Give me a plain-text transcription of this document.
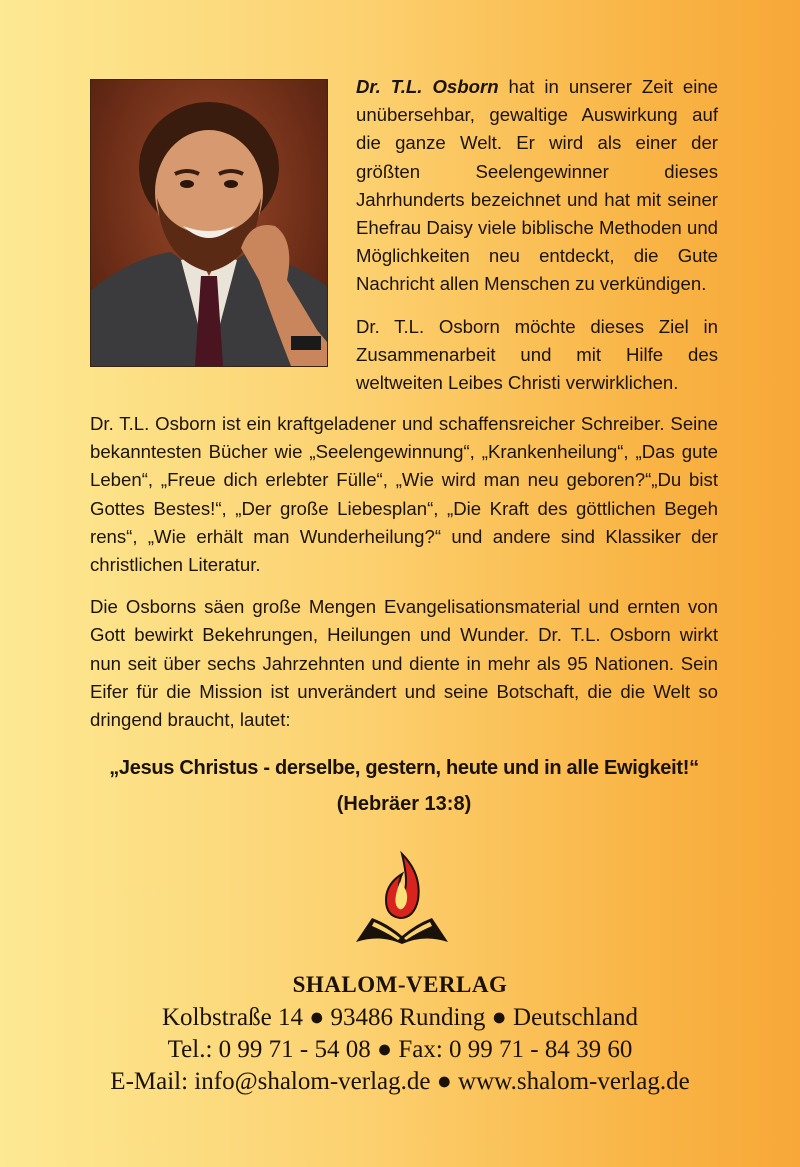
Dr. T.L. Osborn hat in unserer Zeit eine unübersehbar, gewaltige Auswirkung auf die ganze Welt. Er wird als einer der größten Seelengewinner dieses Jahrhunderts bezeichnet und hat mit seiner Ehefrau Daisy viele biblische Methoden und Möglichkeiten neu entdeckt, die Gute Nachricht allen Menschen zu verkündigen.

Dr. T.L. Osborn möchte dieses Ziel in Zusammenarbeit und mit Hilfe des weltweiten Leibes Christi verwirklichen.

Dr. T.L. Osborn ist ein kraftgeladener und schaffensreicher Schreiber. Seine bekanntesten Bücher wie „Seelengewinnung“, „Krankenheilung“, „Das gute Leben“, „Freue dich erlebter Fülle“, „Wie wird man neu geboren?“„Du bist Gottes Bestes!“, „Der große Liebesplan“, „Die Kraft des göttlichen Begeh rens“, „Wie erhält man Wunderheilung?“ und andere sind Klassiker der christlichen Literatur.

Die Osborns säen große Mengen Evangelisationsmaterial und ernten von Gott bewirkt Bekehrungen, Heilungen und Wunder. Dr. T.L. Osborn wirkt nun seit über sechs Jahrzehnten und diente in mehr als 95 Nationen. Sein Eifer für die Mission ist unverändert und seine Botschaft, die die Welt so dringend braucht, lautet:

„Jesus Christus - derselbe, gestern, heute und in alle Ewigkeit!“
(Hebräer 13:8)
SHALOM-VERLAG
Kolbstraße 14 ● 93486 Runding ● Deutschland
Tel.: 0 99 71 - 54 08 ● Fax: 0 99 71 - 84 39 60
E-Mail: info@shalom-verlag.de ● www.shalom-verlag.de
